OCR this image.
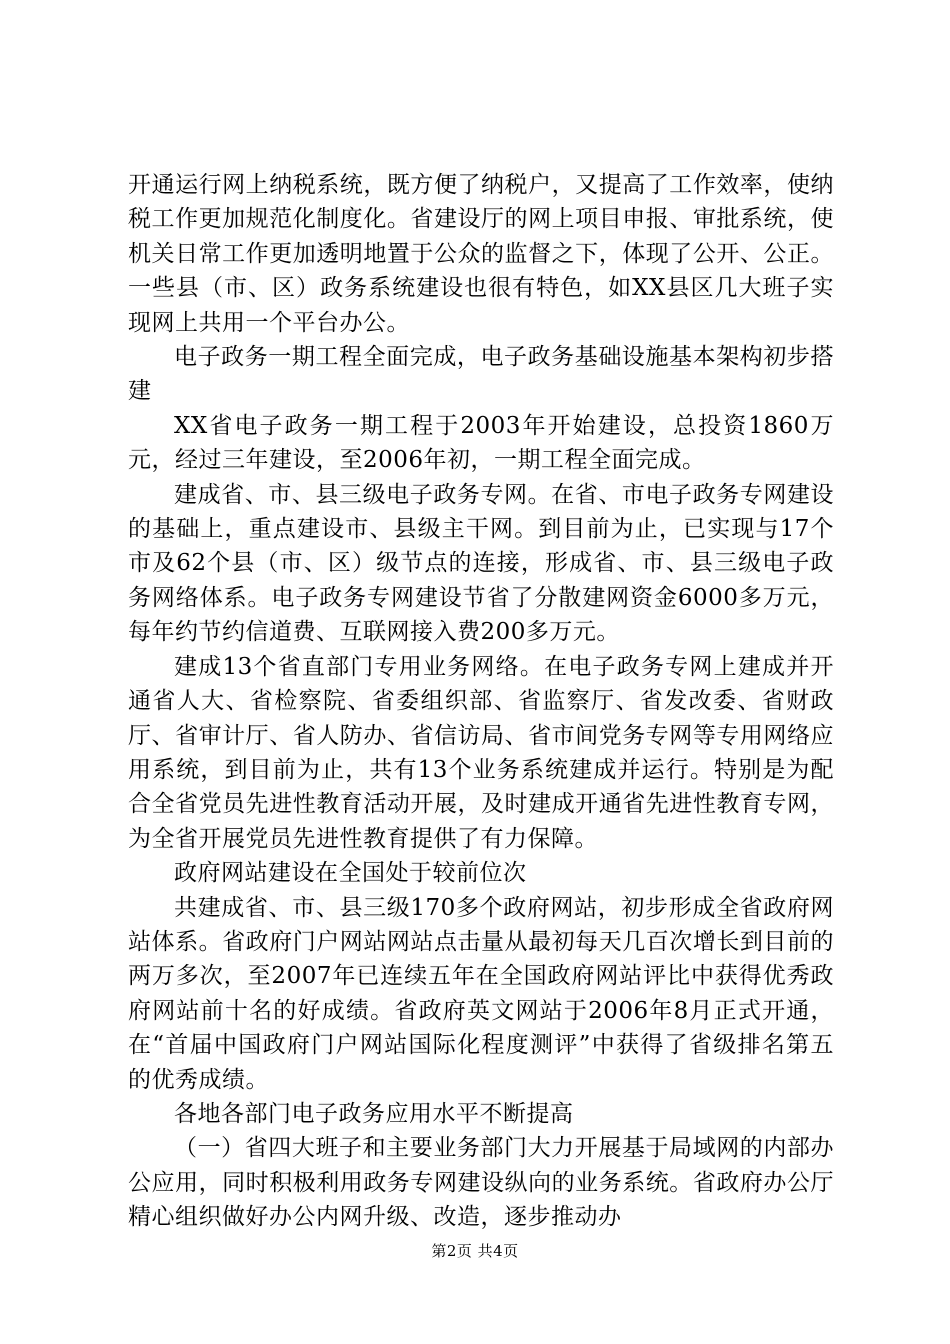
开通运行网上纳税系统，既方便了纳税户，又提高了工作效率，使纳税工作更加规范化制度化。省建设厅的网上项目申报、审批系统，使机关日常工作更加透明地置于公众的监督之下，体现了公开、公正。一些县（市、区）政务系统建设也很有特色，如XX县区几大班子实现网上共用一个平台办公。

电子政务一期工程全面完成，电子政务基础设施基本架构初步搭建

XX省电子政务一期工程于2003年开始建设，总投资1860万元，经过三年建设，至2006年初，一期工程全面完成。

建成省、市、县三级电子政务专网。在省、市电子政务专网建设的基础上，重点建设市、县级主干网。到目前为止，已实现与17个市及62个县（市、区）级节点的连接，形成省、市、县三级电子政务网络体系。电子政务专网建设节省了分散建网资金6000多万元，每年约节约信道费、互联网接入费200多万元。

建成13个省直部门专用业务网络。在电子政务专网上建成并开通省人大、省检察院、省委组织部、省监察厅、省发改委、省财政厅、省审计厅、省人防办、省信访局、省市间党务专网等专用网络应用系统，到目前为止，共有13个业务系统建成并运行。特别是为配合全省党员先进性教育活动开展，及时建成开通省先进性教育专网，为全省开展党员先进性教育提供了有力保障。

政府网站建设在全国处于较前位次

共建成省、市、县三级170多个政府网站，初步形成全省政府网站体系。省政府门户网站网站点击量从最初每天几百次增长到目前的两万多次，至2007年已连续五年在全国政府网站评比中获得优秀政府网站前十名的好成绩。省政府英文网站于2006年8月正式开通，在“首届中国政府门户网站国际化程度测评”中获得了省级排名第五的优秀成绩。

各地各部门电子政务应用水平不断提高

（一）省四大班子和主要业务部门大力开展基于局域网的内部办公应用，同时积极利用政务专网建设纵向的业务系统。省政府办公厅精心组织做好办公内网升级、改造，逐步推动办

第2页 共4页
